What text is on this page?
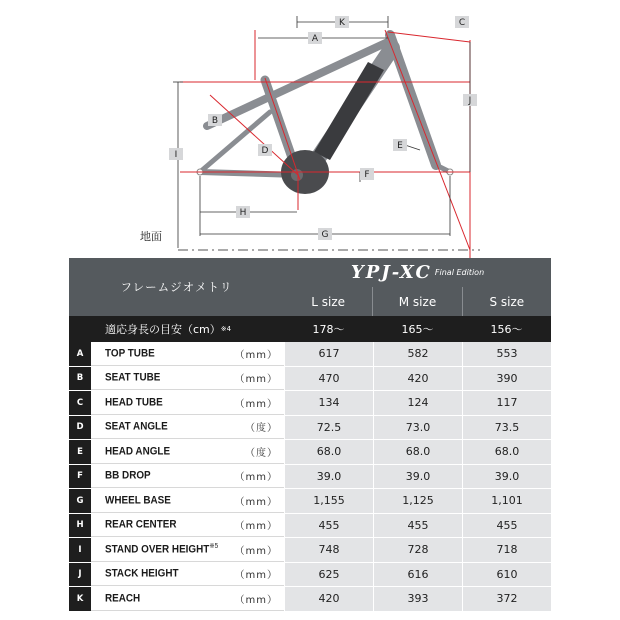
A
B
C
D	E
F
G
H
I
J
K
地面
フレームジオメトリ
YPJ-XC Final Edition
L size	M size	S size
適応身長の目安（cm） ※4	178〜	165〜	156〜
A	TOP TUBE	（mm）	617	582	553
B	SEAT TUBE	（mm）	470	420	390
C	HEAD TUBE	（mm）	134	124	117
D	SEAT ANGLE	（度）	72.5	73.0	73.5
E	HEAD ANGLE	（度）	68.0	68.0	68.0
F	BB DROP	（mm）	39.0	39.0	39.0
G	WHEEL BASE	（mm）	1,155	1,125	1,101
H	REAR CENTER	（mm）	455	455	455
I	STAND OVER HEIGHT$^{※5}$ （mm）	748	728	718
J	STACK HEIGHT	（mm）	625	616	610
K	REACH	（mm）	420	393	372
